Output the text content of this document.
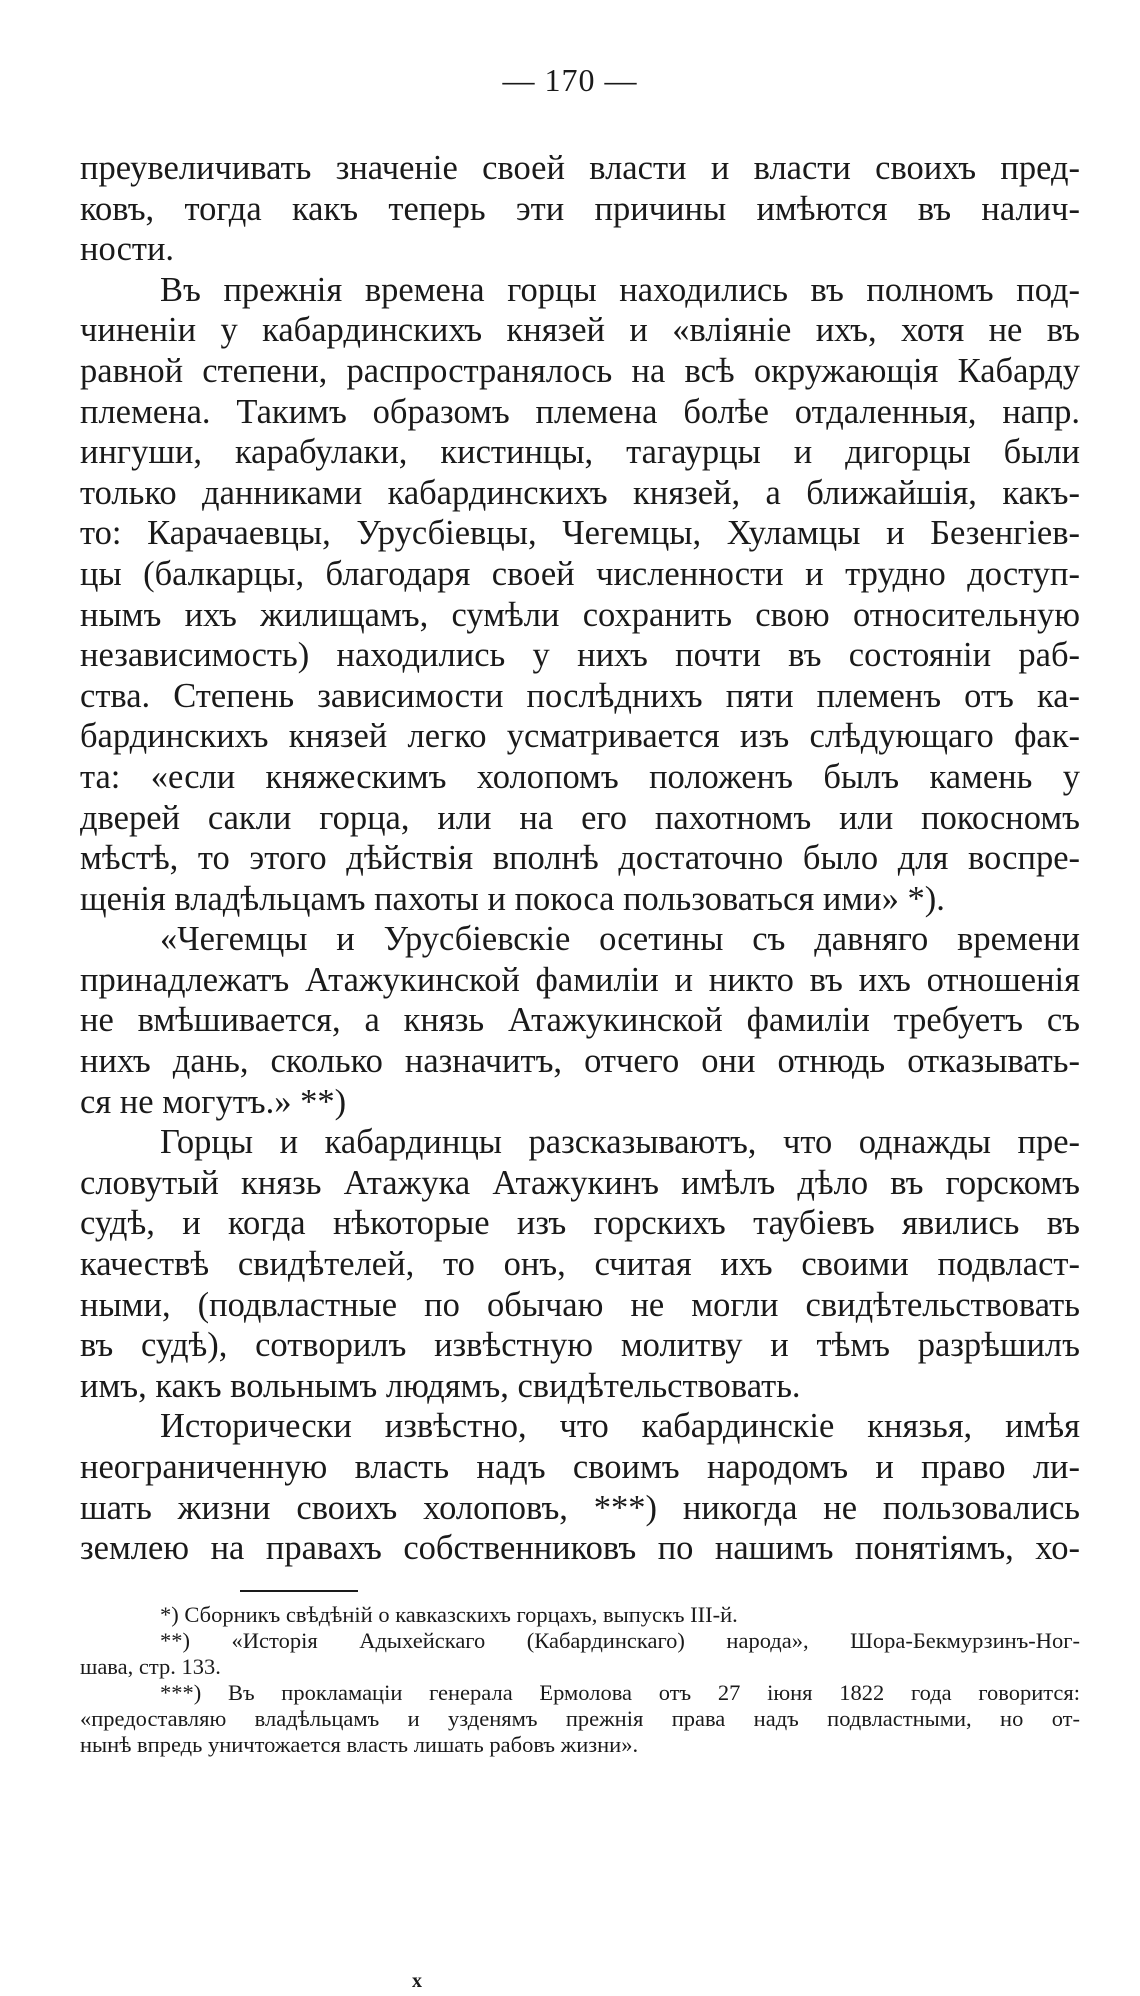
— 170 —
преувеличивать значеніе своей власти и власти своихъ пред-
ковъ, тогда какъ теперь эти причины имѣются въ налич-
ности.
Въ прежнія времена горцы находились въ полномъ под-
чиненіи у кабардинскихъ князей и «вліяніе ихъ, хотя не въ
равной степени, распространялось на всѣ окружающія Кабарду
племена. Такимъ образомъ племена болѣе отдаленныя, напр.
ингуши, карабулаки, кистинцы, тагаурцы и дигорцы были
только данниками кабардинскихъ князей, а ближайшія, какъ-
то: Карачаевцы, Урусбіевцы, Чегемцы, Хуламцы и Безенгіев-
цы (балкарцы, благодаря своей численности и трудно доступ-
нымъ ихъ жилищамъ, сумѣли сохранить свою относительную
независимость) находились у нихъ почти въ состояніи раб-
ства. Степень зависимости послѣднихъ пяти племенъ отъ ка-
бардинскихъ князей легко усматривается изъ слѣдующаго фак-
та: «если княжескимъ холопомъ положенъ былъ камень у
дверей сакли горца, или на его пахотномъ или покосномъ
мѣстѣ, то этого дѣйствія вполнѣ достаточно было для воспре-
щенія владѣльцамъ пахоты и покоса пользоваться ими» *).
«Чегемцы и Урусбіевскіе осетины съ давняго времени
принадлежатъ Атажукинской фамиліи и никто въ ихъ отношенія
не вмѣшивается, а князь Атажукинской фамиліи требуетъ съ
нихъ дань, сколько назначитъ, отчего они отнюдь отказывать-
ся не могутъ.» **)
Горцы и кабардинцы разсказываютъ, что однажды пре-
словутый князь Атажука Атажукинъ имѣлъ дѣло въ горскомъ
судѣ, и когда нѣкоторые изъ горскихъ таубіевъ явились въ
качествѣ свидѣтелей, то онъ, считая ихъ своими подвласт-
ными, (подвластные по обычаю не могли свидѣтельствовать
въ судѣ), сотворилъ извѣстную молитву и тѣмъ разрѣшилъ
имъ, какъ вольнымъ людямъ, свидѣтельствовать.
Исторически извѣстно, что кабардинскіе князья, имѣя
неограниченную власть надъ своимъ народомъ и право ли-
шать жизни своихъ холоповъ, ***) никогда не пользовались
землею на правахъ собственниковъ по нашимъ понятіямъ, хо-
*) Сборникъ свѣдѣній о кавказскихъ горцахъ, выпускъ III-й.
**) «Исторія Адыхейскаго (Кабардинскаго) народа», Шора-Бекмурзинъ-Ног-
шава, стр. 133.
***) Въ прокламаціи генерала Ермолова отъ 27 іюня 1822 года говорится:
«предоставляю владѣльцамъ и узденямъ прежнія права надъ подвластными, но от-
нынѣ впредь уничтожается власть лишать рабовъ жизни».
x
